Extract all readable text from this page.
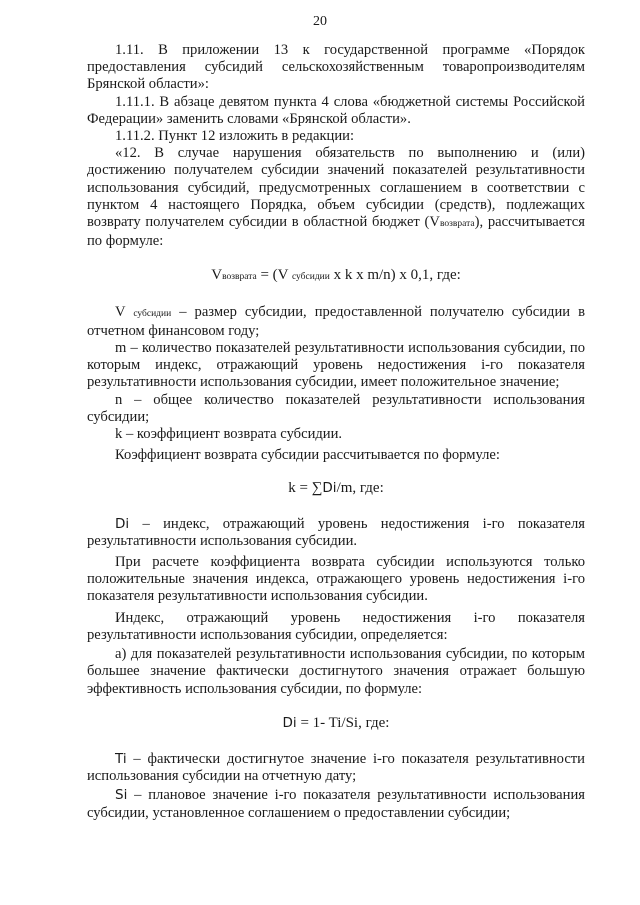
20

1.11. В приложении 13 к государственной программе «Порядок предоставления субсидий сельскохозяйственным товаропроизводителям Брянской области»:

1.11.1. В абзаце девятом пункта 4 слова «бюджетной системы Российской Федерации» заменить словами «Брянской области».

1.11.2. Пункт 12 изложить в редакции:

«12. В случае нарушения обязательств по выполнению и (или) достижению получателем субсидии значений показателей результативности использования субсидий, предусмотренных соглашением в соответствии с пунктом 4 настоящего Порядка, объем субсидии (средств), подлежащих возврату получателем субсидии в областной бюджет (Vвозврата), рассчитывается по формуле:

Vвозврата = (V субсидии x k x m/n) x 0,1, где:

V субсидии – размер субсидии, предоставленной получателю субсидии в отчетном финансовом году;

m – количество показателей результативности использования субсидии, по которым индекс, отражающий уровень недостижения i-го показателя результативности использования субсидии, имеет положительное значение;

n – общее количество показателей результативности использования субсидии;

k – коэффициент возврата субсидии.

Коэффициент возврата субсидии рассчитывается по формуле:

k = ∑Di/m, где:

Di – индекс, отражающий уровень недостижения i-го показателя результативности использования субсидии.

При расчете коэффициента возврата субсидии используются только положительные значения индекса, отражающего уровень недостижения i-го показателя результативности использования субсидии.

Индекс, отражающий уровень недостижения i-го показателя результативности использования субсидии, определяется:

а) для показателей результативности использования субсидии, по которым большее значение фактически достигнутого значения отражает большую эффективность использования субсидии, по формуле:

Di = 1- Ti/Si, где:

Ti – фактически достигнутое значение i-го показателя результативности использования субсидии на отчетную дату;

Si – плановое значение i-го показателя результативности использования субсидии, установленное соглашением о предоставлении субсидии;
